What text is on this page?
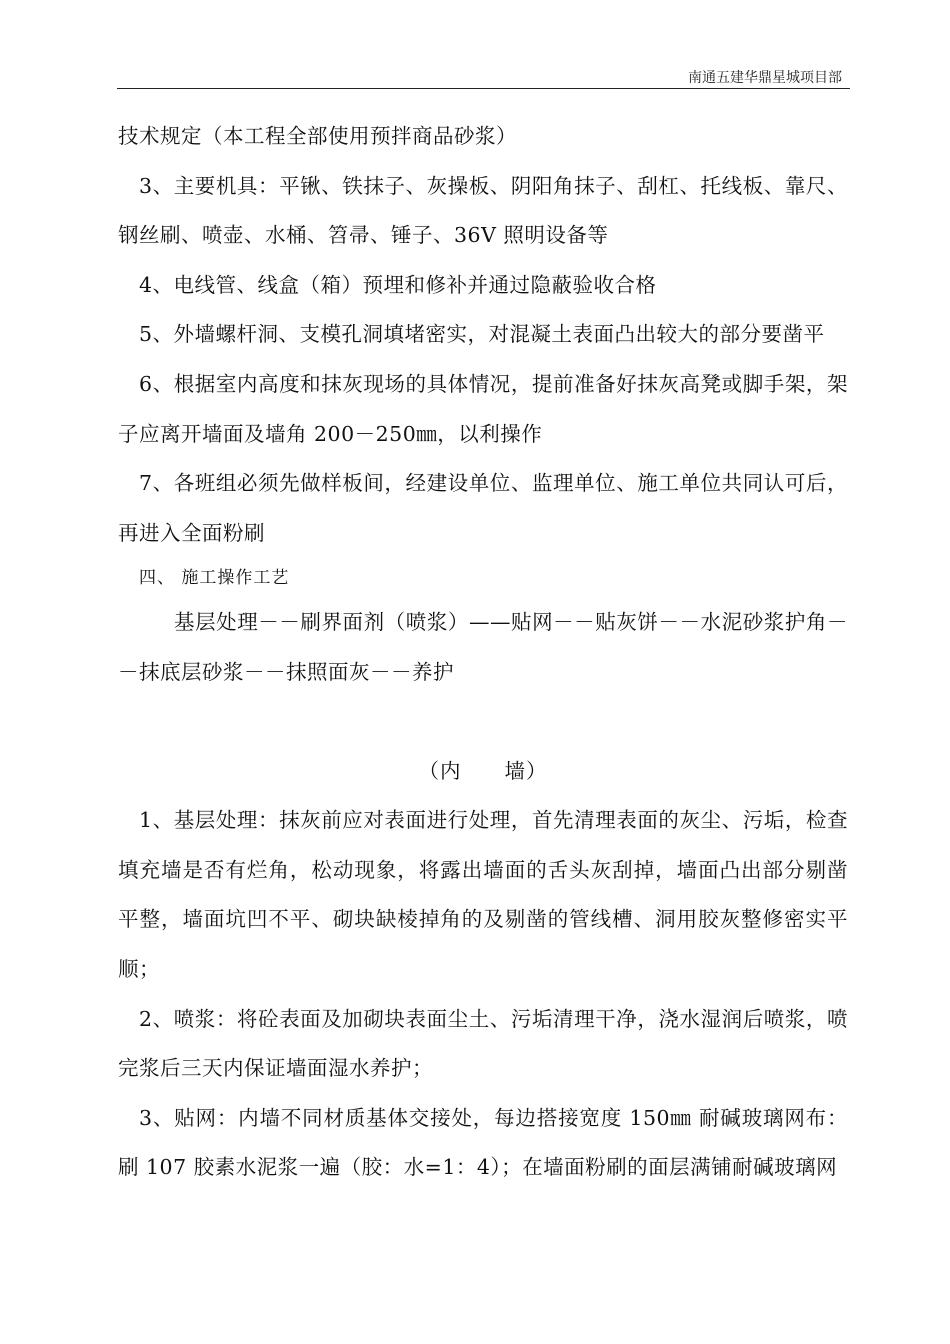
南通五建华鼎星城项目部

技术规定（本工程全部使用预拌商品砂浆）

3、主要机具：平锹、铁抹子、灰操板、阴阳角抹子、刮杠、托线板、靠尺、钢丝刷、喷壶、水桶、笤帚、锤子、36V 照明设备等

4、电线管、线盒（箱）预埋和修补并通过隐蔽验收合格

5、外墙螺杆洞、支模孔洞填堵密实，对混凝土表面凸出较大的部分要凿平

6、根据室内高度和抹灰现场的具体情况，提前准备好抹灰高凳或脚手架，架子应离开墙面及墙角 200－250㎜，以利操作

7、各班组必须先做样板间，经建设单位、监理单位、施工单位共同认可后，再进入全面粉刷

四、 施工操作工艺

基层处理－－刷界面剂（喷浆）——贴网－－贴灰饼－－水泥砂浆护角－－抹底层砂浆－－抹照面灰－－养护

（内　　墙）

1、基层处理：抹灰前应对表面进行处理，首先清理表面的灰尘、污垢，检查填充墙是否有烂角，松动现象，将露出墙面的舌头灰刮掉，墙面凸出部分剔凿平整，墙面坑凹不平、砌块缺棱掉角的及剔凿的管线槽、洞用胶灰整修密实平顺；

2、喷浆：将砼表面及加砌块表面尘土、污垢清理干净，浇水湿润后喷浆，喷完浆后三天内保证墙面湿水养护；

3、贴网：内墙不同材质基体交接处，每边搭接宽度 150㎜ 耐碱玻璃网布：刷 107 胶素水泥浆一遍（胶：水=1：4）；在墙面粉刷的面层满铺耐碱玻璃网
